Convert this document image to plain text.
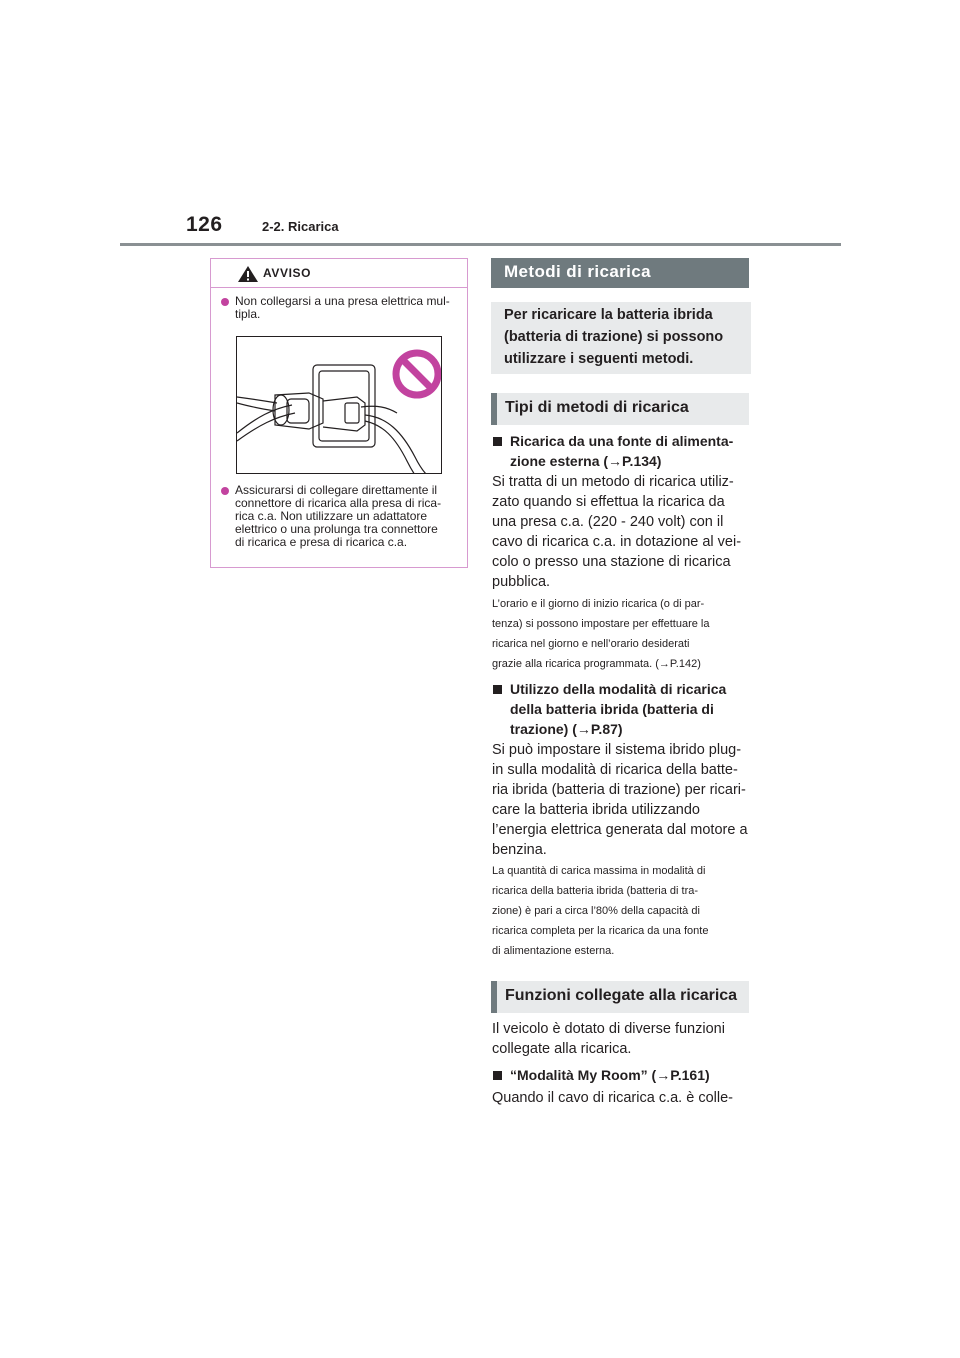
126	2-2. Ricarica
AVVISO
Non collegarsi a una presa elettrica mul-
tipla.
Assicurarsi di collegare direttamente il
connettore di ricarica alla presa di rica-
rica c.a. Non utilizzare un adattatore
elettrico o una prolunga tra connettore
di ricarica e presa di ricarica c.a.
Metodi di ricarica
Per ricaricare la batteria ibrida
(batteria di trazione) si possono
utilizzare i seguenti metodi.
Tipi di metodi di ricarica
Ricarica da una fonte di alimenta-
zione esterna (→P.134)
Si tratta di un metodo di ricarica utiliz-
zato quando si effettua la ricarica da
una presa c.a. (220 - 240 volt) con il
cavo di ricarica c.a. in dotazione al vei-
colo o presso una stazione di ricarica
pubblica.
L’orario e il giorno di inizio ricarica (o di par-
tenza) si possono impostare per effettuare la
ricarica nel giorno e nell’orario desiderati
grazie alla ricarica programmata. (→P.142)
Utilizzo della modalità di ricarica
della batteria ibrida (batteria di
trazione) (→P.87)
Si può impostare il sistema ibrido plug-
in sulla modalità di ricarica della batte-
ria ibrida (batteria di trazione) per ricari-
care la batteria ibrida utilizzando
l’energia elettrica generata dal motore a
benzina.
La quantità di carica massima in modalità di
ricarica della batteria ibrida (batteria di tra-
zione) è pari a circa l’80% della capacità di
ricarica completa per la ricarica da una fonte
di alimentazione esterna.
Funzioni collegate alla ricarica
Il veicolo è dotato di diverse funzioni
collegate alla ricarica.
“Modalità My Room” (→P.161)
Quando il cavo di ricarica c.a. è colle-
